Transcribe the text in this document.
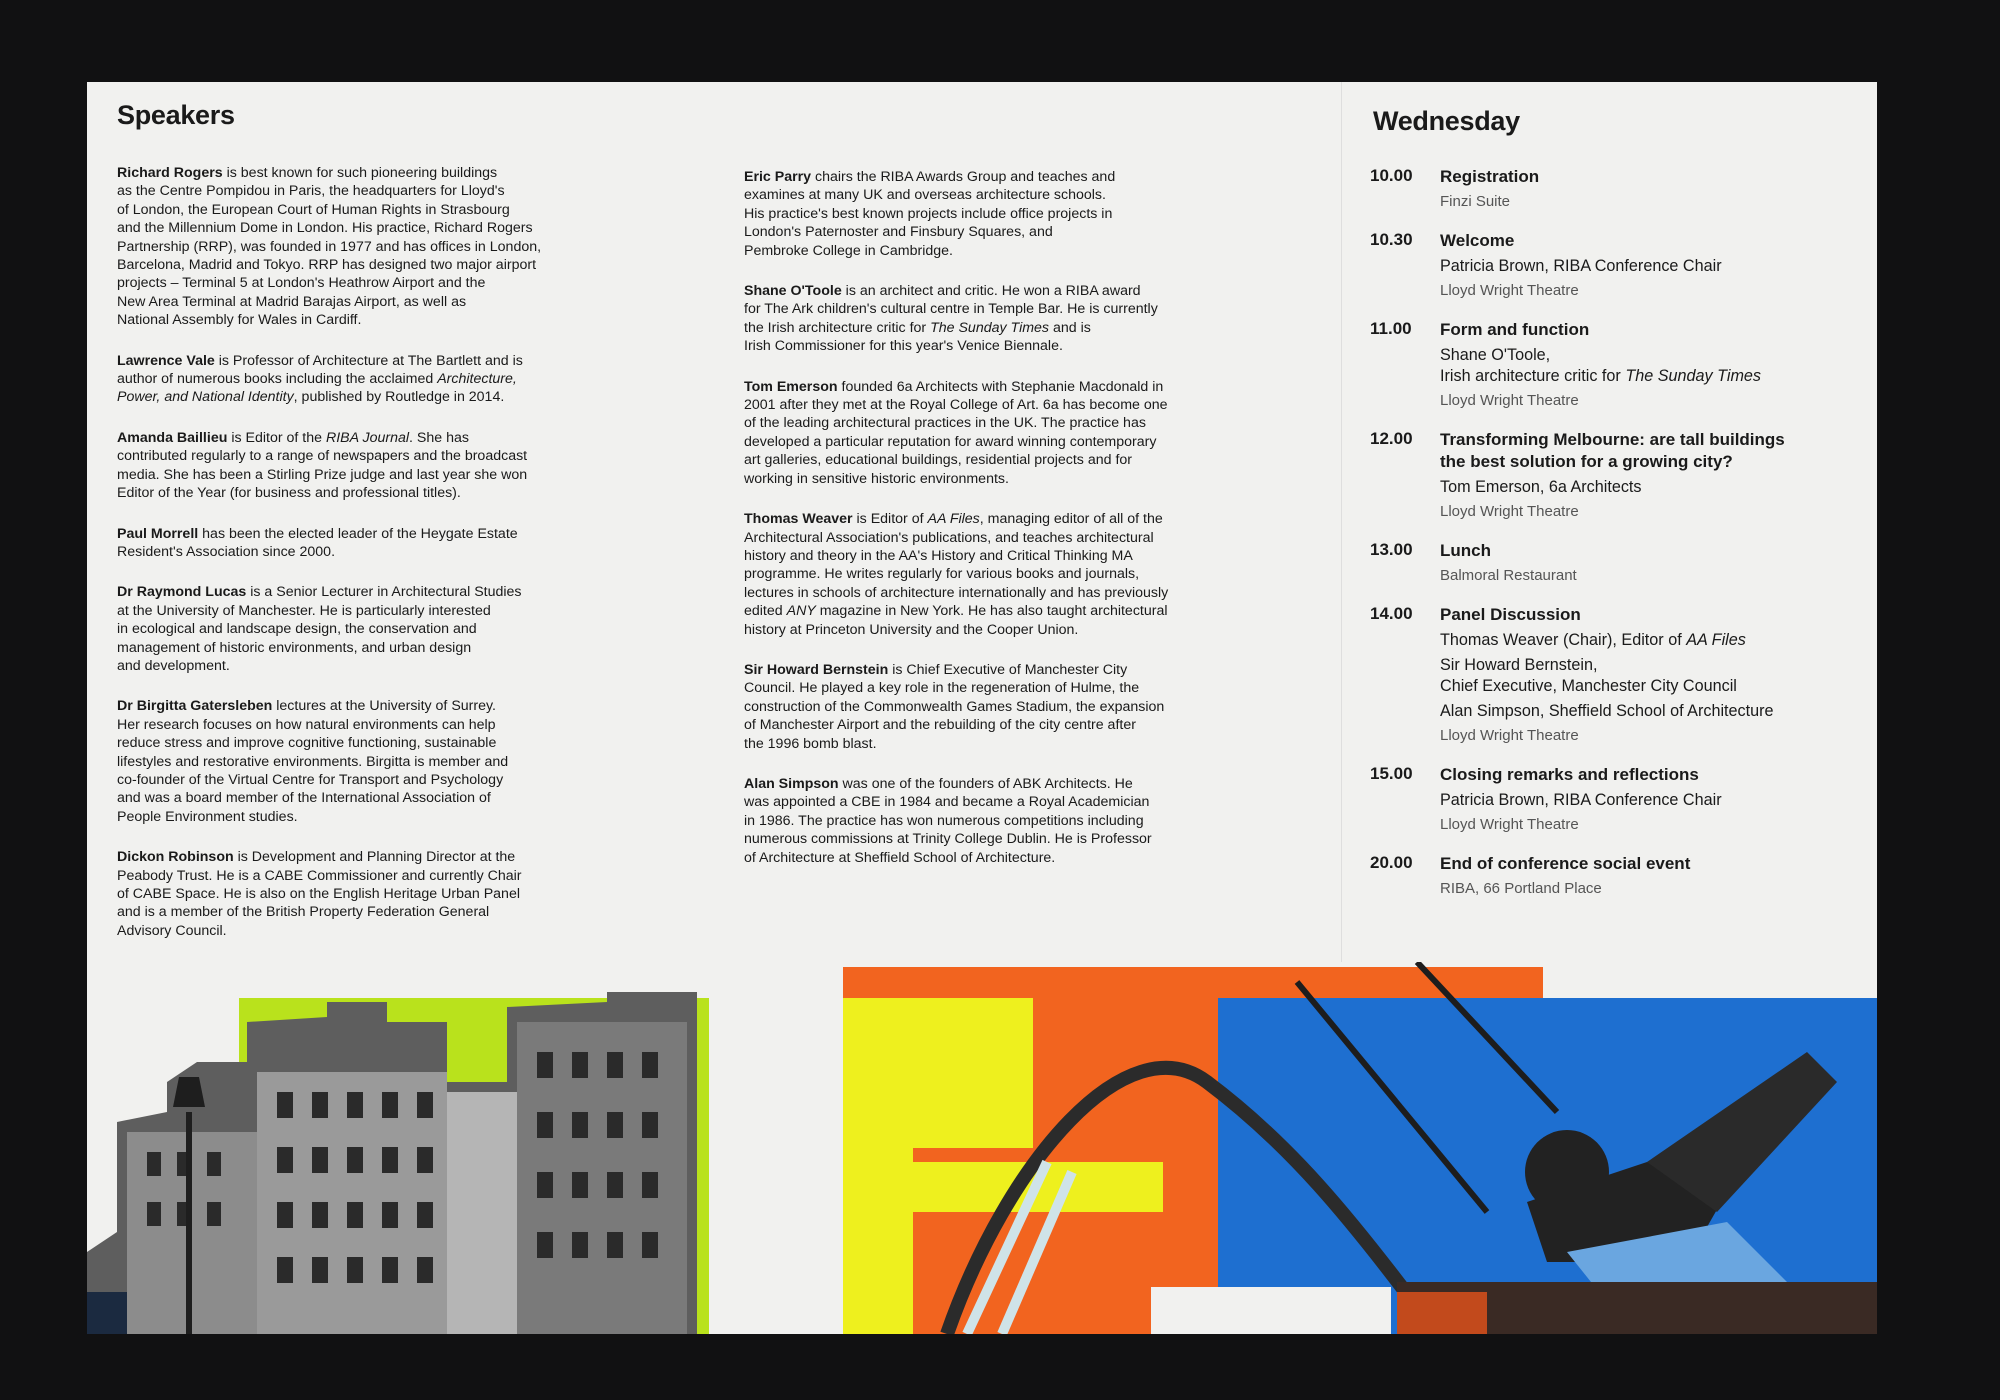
Speakers

Richard Rogers is best known for such pioneering buildings
as the Centre Pompidou in Paris, the headquarters for Lloyd's
of London, the European Court of Human Rights in Strasbourg
and the Millennium Dome in London. His practice, Richard Rogers
Partnership (RRP), was founded in 1977 and has offices in London,
Barcelona, Madrid and Tokyo. RRP has designed two major airport
projects – Terminal 5 at London's Heathrow Airport and the
New Area Terminal at Madrid Barajas Airport, as well as
National Assembly for Wales in Cardiff.

Lawrence Vale is Professor of Architecture at The Bartlett and is
author of numerous books including the acclaimed Architecture,
Power, and National Identity, published by Routledge in 2014.

Amanda Baillieu is Editor of the RIBA Journal. She has
contributed regularly to a range of newspapers and the broadcast
media. She has been a Stirling Prize judge and last year she won
Editor of the Year (for business and professional titles).

Paul Morrell has been the elected leader of the Heygate Estate
Resident's Association since 2000.

Dr Raymond Lucas is a Senior Lecturer in Architectural Studies
at the University of Manchester. He is particularly interested
in ecological and landscape design, the conservation and
management of historic environments, and urban design
and development.

Dr Birgitta Gatersleben lectures at the University of Surrey.
Her research focuses on how natural environments can help
reduce stress and improve cognitive functioning, sustainable
lifestyles and restorative environments. Birgitta is member and
co-founder of the Virtual Centre for Transport and Psychology
and was a board member of the International Association of
People Environment studies.

Dickon Robinson is Development and Planning Director at the
Peabody Trust. He is a CABE Commissioner and currently Chair
of CABE Space. He is also on the English Heritage Urban Panel
and is a member of the British Property Federation General
Advisory Council.

Eric Parry chairs the RIBA Awards Group and teaches and
examines at many UK and overseas architecture schools.
His practice's best known projects include office projects in
London's Paternoster and Finsbury Squares, and
Pembroke College in Cambridge.

Shane O'Toole is an architect and critic. He won a RIBA award
for The Ark children's cultural centre in Temple Bar. He is currently
the Irish architecture critic for The Sunday Times and is
Irish Commissioner for this year's Venice Biennale.

Tom Emerson founded 6a Architects with Stephanie Macdonald in
2001 after they met at the Royal College of Art. 6a has become one
of the leading architectural practices in the UK. The practice has
developed a particular reputation for award winning contemporary
art galleries, educational buildings, residential projects and for
working in sensitive historic environments.

Thomas Weaver is Editor of AA Files, managing editor of all of the
Architectural Association's publications, and teaches architectural
history and theory in the AA's History and Critical Thinking MA
programme. He writes regularly for various books and journals,
lectures in schools of architecture internationally and has previously
edited ANY magazine in New York. He has also taught architectural
history at Princeton University and the Cooper Union.

Sir Howard Bernstein is Chief Executive of Manchester City
Council. He played a key role in the regeneration of Hulme, the
construction of the Commonwealth Games Stadium, the expansion
of Manchester Airport and the rebuilding of the city centre after
the 1996 bomb blast.

Alan Simpson was one of the founders of ABK Architects. He
was appointed a CBE in 1984 and became a Royal Academician
in 1986. The practice has won numerous competitions including
numerous commissions at Trinity College Dublin. He is Professor
of Architecture at Sheffield School of Architecture.

Wednesday
10.00 Registration
Finzi Suite
10.30 Welcome
Patricia Brown, RIBA Conference Chair
Lloyd Wright Theatre
11.00 Form and function
Shane O'Toole,
Irish architecture critic for The Sunday Times
Lloyd Wright Theatre
12.00 Transforming Melbourne: are tall buildings
the best solution for a growing city?
Tom Emerson, 6a Architects
Lloyd Wright Theatre
13.00 Lunch
Balmoral Restaurant
14.00 Panel Discussion
Thomas Weaver (Chair), Editor of AA Files
Sir Howard Bernstein,
Chief Executive, Manchester City Council
Alan Simpson, Sheffield School of Architecture
Lloyd Wright Theatre
15.00 Closing remarks and reflections
Patricia Brown, RIBA Conference Chair
Lloyd Wright Theatre
20.00 End of conference social event
RIBA, 66 Portland Place
